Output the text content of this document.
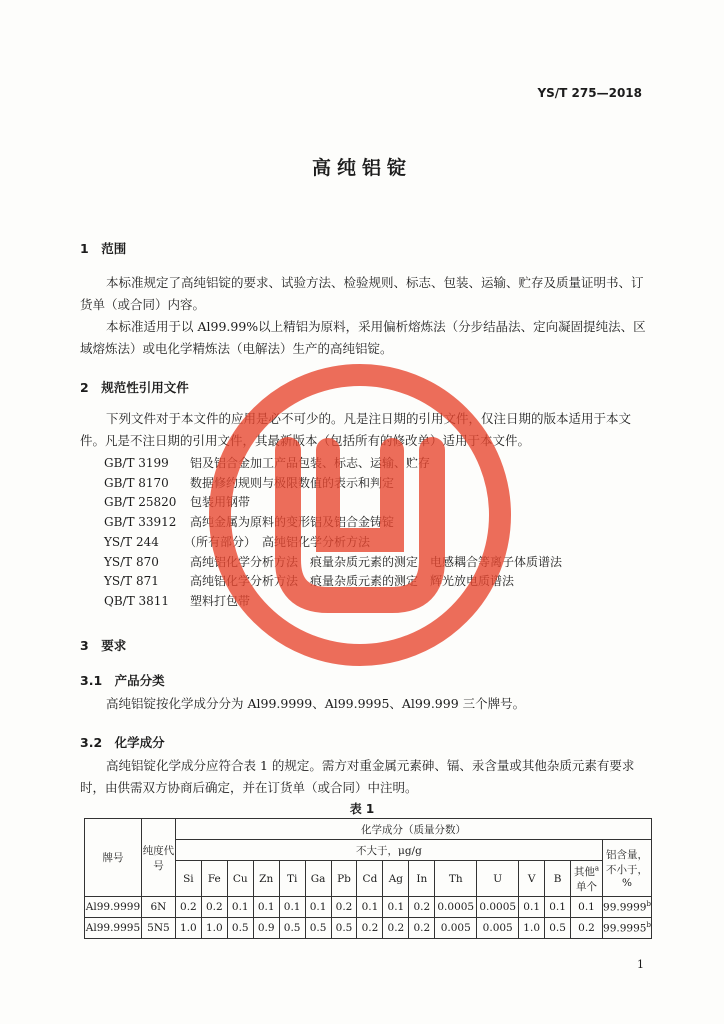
YS/T 275—2018
高纯铝锭
1　范围
本标准规定了高纯铝锭的要求、试验方法、检验规则、标志、包装、运输、贮存及质量证明书、订货单（或合同）内容。
本标准适用于以 Al99.99%以上精铝为原料，采用偏析熔炼法（分步结晶法、定向凝固提纯法、区域熔炼法）或电化学精炼法（电解法）生产的高纯铝锭。
2　规范性引用文件
下列文件对于本文件的应用是必不可少的。凡是注日期的引用文件，仅注日期的版本适用于本文件。凡是不注日期的引用文件，其最新版本（包括所有的修改单）适用于本文件。
GB/T 3199　 铝及铝合金加工产品包装、标志、运输、贮存
GB/T 8170　 数据修约规则与极限数值的表示和判定
GB/T 25820　 包装用钢带
GB/T 33912　 高纯金属为原料的变形铝及铝合金铸锭
YS/T 244　	（所有部分）　高纯铝化学分析方法
YS/T 870　	高纯铝化学分析方法　痕量杂质元素的测定　电感耦合等离子体质谱法
YS/T 871　	高纯铝化学分析方法　痕量杂质元素的测定　辉光放电质谱法
QB/T 3811　 塑料打包带
3　要求
3.1　产品分类
高纯铝锭按化学成分分为 Al99.9999、Al99.9995、Al99.999 三个牌号。
3.2　化学成分
高纯铝锭化学成分应符合表 1 的规定。需方对重金属元素砷、镉、汞含量或其他杂质元素有要求时，由供需双方协商后确定，并在订货单（或合同）中注明。
表 1
牌号	纯度代号	化学成分（质量分数）															
		不大于，μg/g															铝含量，不小于，%
		Si	Fe	Cu	Zn	Ti	Ga	Pb	Cd	Ag	In	Th	U	V	B	其他$^a$
单个	
Al99.9999	6N	0.2	0.2	0.1	0.1	0.1	0.1	0.2	0.1	0.1	0.2	0.0005	0.0005	0.1	0.1	0.1	99.9999$^b$
Al99.9995	5N5	1.0	1.0	0.5	0.9	0.5	0.5	0.5	0.2	0.2	0.2	0.005	0.005	1.0	0.5	0.2	99.9995$^b$
1
